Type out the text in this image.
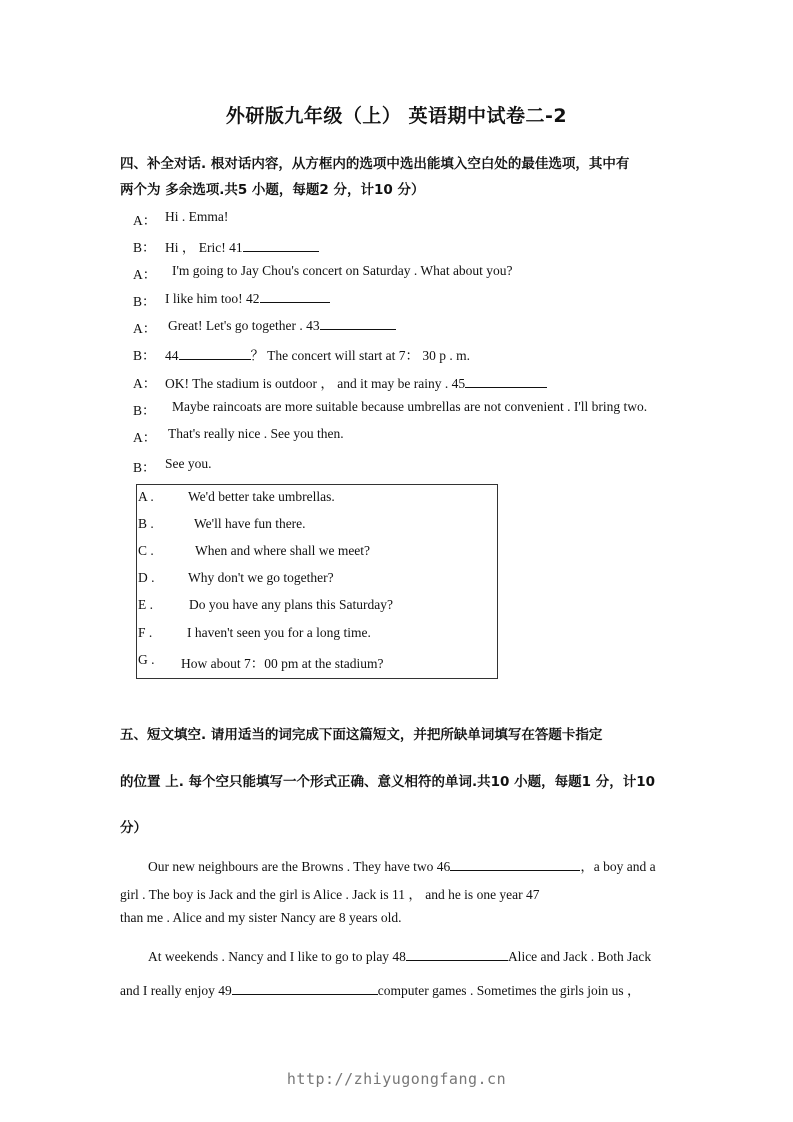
外研版九年级（上） 英语期中试卷二-2
四、补全对话. 根对话内容，从方框内的选项中选出能填入空白处的最佳选项，其中有
两个为 多余选项.共5 小题，每题2 分，计10 分）
A： Hi . Emma!
B： Hi ， Eric! 41
A： I'm going to Jay Chou's concert on Saturday . What about you?
B： I like him too! 42
A： Great! Let's go together . 43
B： 44	？ The concert will start at 7： 30 p . m.
A： OK! The stadium is outdoor ， and it may be rainy . 45
B： Maybe raincoats are more suitable because umbrellas are not convenient . I'll bring two.
A： That's really nice . See you then.
B： See you.
A .	We'd better take umbrellas.
B .	We'll have fun there.
C .	When and where shall we meet?
D . Why don't we go together?
E .	Do you have any plans this Saturday?
F .	I haven't seen you for a long time.
G . How about 7：00 pm at the stadium?
五、短文填空. 请用适当的词完成下面这篇短文，并把所缺单词填写在答题卡指定
的位置 上. 每个空只能填写一个形式正确、意义相符的单词.共10 小题，每题1 分，计10
分）
Our new neighbours are the Browns . They have two 46	，a boy and a
girl . The boy is Jack and the girl is Alice . Jack is 11 ， and he is one year 47
than me . Alice and my sister Nancy are 8 years old.
At weekends . Nancy and I like to go to play 48	Alice and Jack . Both Jack
and I really enjoy 49	computer games . Sometimes the girls join us ，
http://zhiyugongfang.cn
